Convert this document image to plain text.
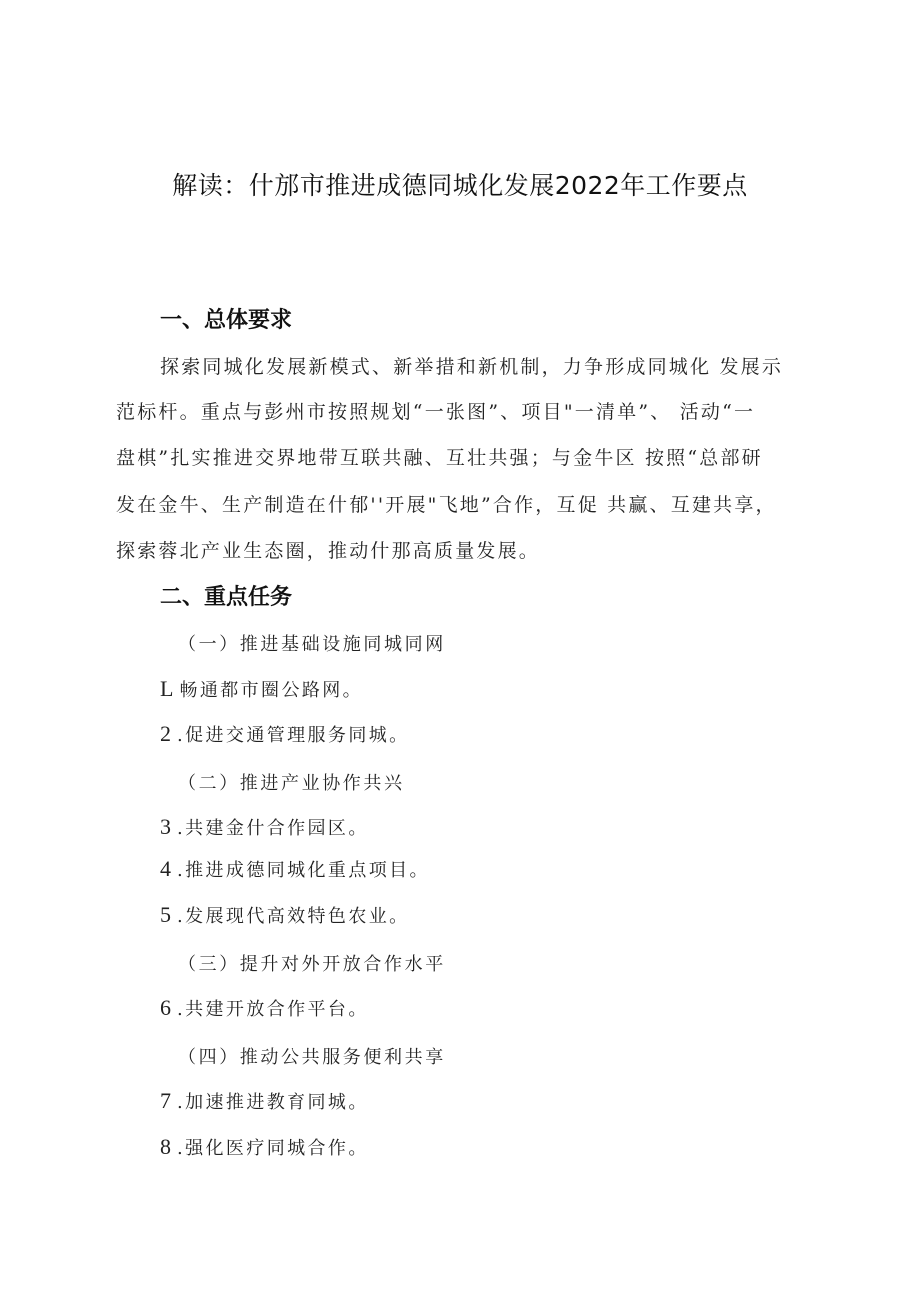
解读：什邡市推进成德同城化发展2022年工作要点
一、总体要求
探索同城化发展新模式、新举措和新机制，力争形成同城化 发展示
范标杆。重点与彭州市按照规划“一张图”、项目"一清单”、 活动“一
盘棋”扎实推进交界地带互联共融、互壮共强；与金牛区 按照“总部研
发在金牛、生产制造在什郁''开展"飞地”合作，互促 共赢、互建共享，
探索蓉北产业生态圈，推动什那高质量发展。
二、重点任务
（一）推进基础设施同城同网
L 畅通都市圈公路网。
2 .促进交通管理服务同城。
（二）推进产业协作共兴
3 .共建金什合作园区。
4 .推进成德同城化重点项目。
5 .发展现代高效特色农业。
（三）提升对外开放合作水平
6 .共建开放合作平台。
（四）推动公共服务便利共享
7 .加速推进教育同城。
8 .强化医疗同城合作。
